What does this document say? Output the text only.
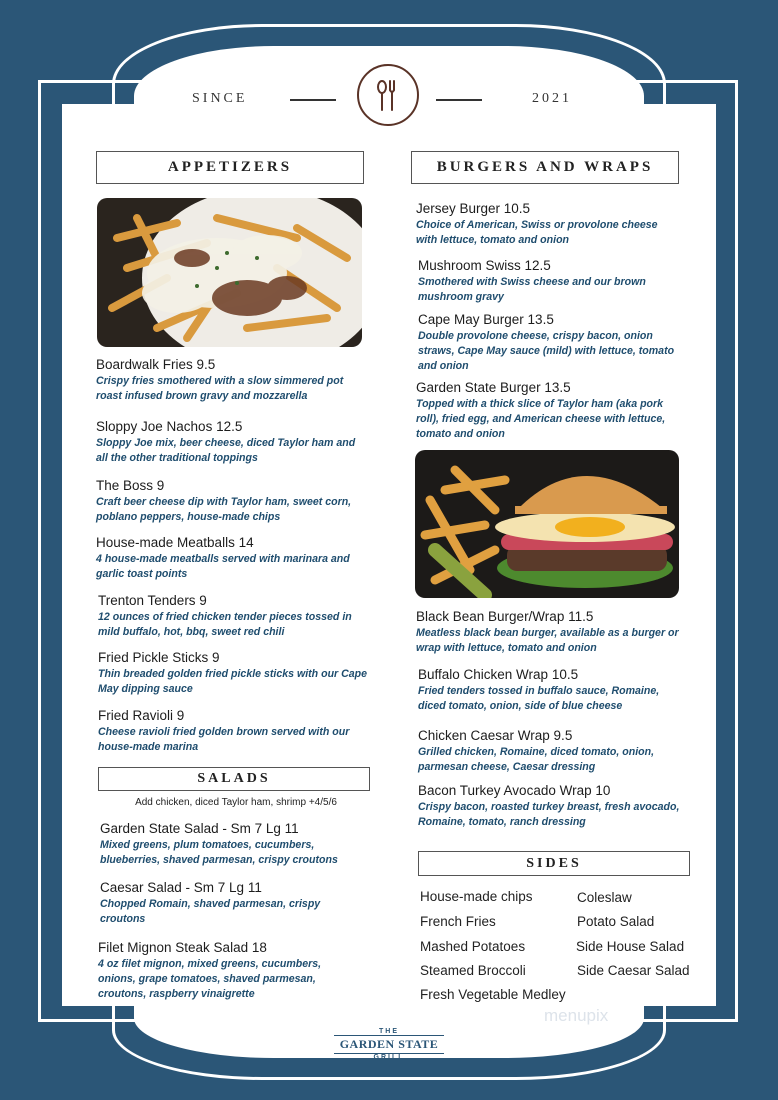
SINCE	2021
APPETIZERS	BURGERS AND WRAPS
SALADS
SIDES
Boardwalk Fries 9.5
Crispy fries smothered with a slow simmered pot roast infused brown gravy and mozzarella
Sloppy Joe Nachos 12.5
Sloppy Joe mix, beer cheese, diced Taylor ham and all the other traditional toppings
The Boss 9
Craft beer cheese dip with Taylor ham, sweet corn, poblano peppers, house-made chips
House-made Meatballs 14
4 house-made meatballs served with marinara and garlic toast points
Trenton Tenders 9
12 ounces of fried chicken tender pieces tossed in mild buffalo, hot, bbq, sweet red chili
Fried Pickle Sticks 9
Thin breaded golden fried pickle sticks with our Cape May dipping sauce
Fried Ravioli 9
Cheese ravioli fried golden brown served with our house-made marina
Add chicken, diced Taylor ham, shrimp +4/5/6
Garden State Salad - Sm 7 Lg 11
Mixed greens, plum tomatoes, cucumbers, blueberries, shaved parmesan, crispy croutons
Caesar Salad - Sm 7 Lg 11
Chopped Romain, shaved parmesan, crispy croutons
Filet Mignon Steak Salad 18
4 oz filet mignon, mixed greens, cucumbers, onions, grape tomatoes, shaved parmesan, croutons, raspberry vinaigrette
Jersey Burger 10.5
Choice of American, Swiss or provolone cheese with lettuce, tomato and onion
Mushroom Swiss 12.5
Smothered with Swiss cheese and our brown mushroom gravy
Cape May Burger 13.5
Double provolone cheese, crispy bacon, onion straws, Cape May sauce (mild) with lettuce, tomato and onion
Garden State Burger 13.5
Topped with a thick slice of Taylor ham (aka pork roll), fried egg, and American cheese with lettuce, tomato and onion
Black Bean Burger/Wrap 11.5
Meatless black bean burger, available as a burger or wrap with lettuce, tomato and onion
Buffalo Chicken Wrap 10.5
Fried tenders tossed in buffalo sauce, Romaine, diced tomato, onion, side of blue cheese
Chicken Caesar Wrap 9.5
Grilled chicken, Romaine, diced tomato, onion, parmesan cheese, Caesar dressing
Bacon Turkey Avocado Wrap 10
Crispy bacon, roasted turkey breast, fresh avocado, Romaine, tomato, ranch dressing
House-made chips
French Fries
Mashed Potatoes
Steamed Broccoli
Fresh Vegetable Medley
Coleslaw
Potato Salad
Side House Salad
Side Caesar Salad
THE
GARDEN STATE
GRILL
menupix
